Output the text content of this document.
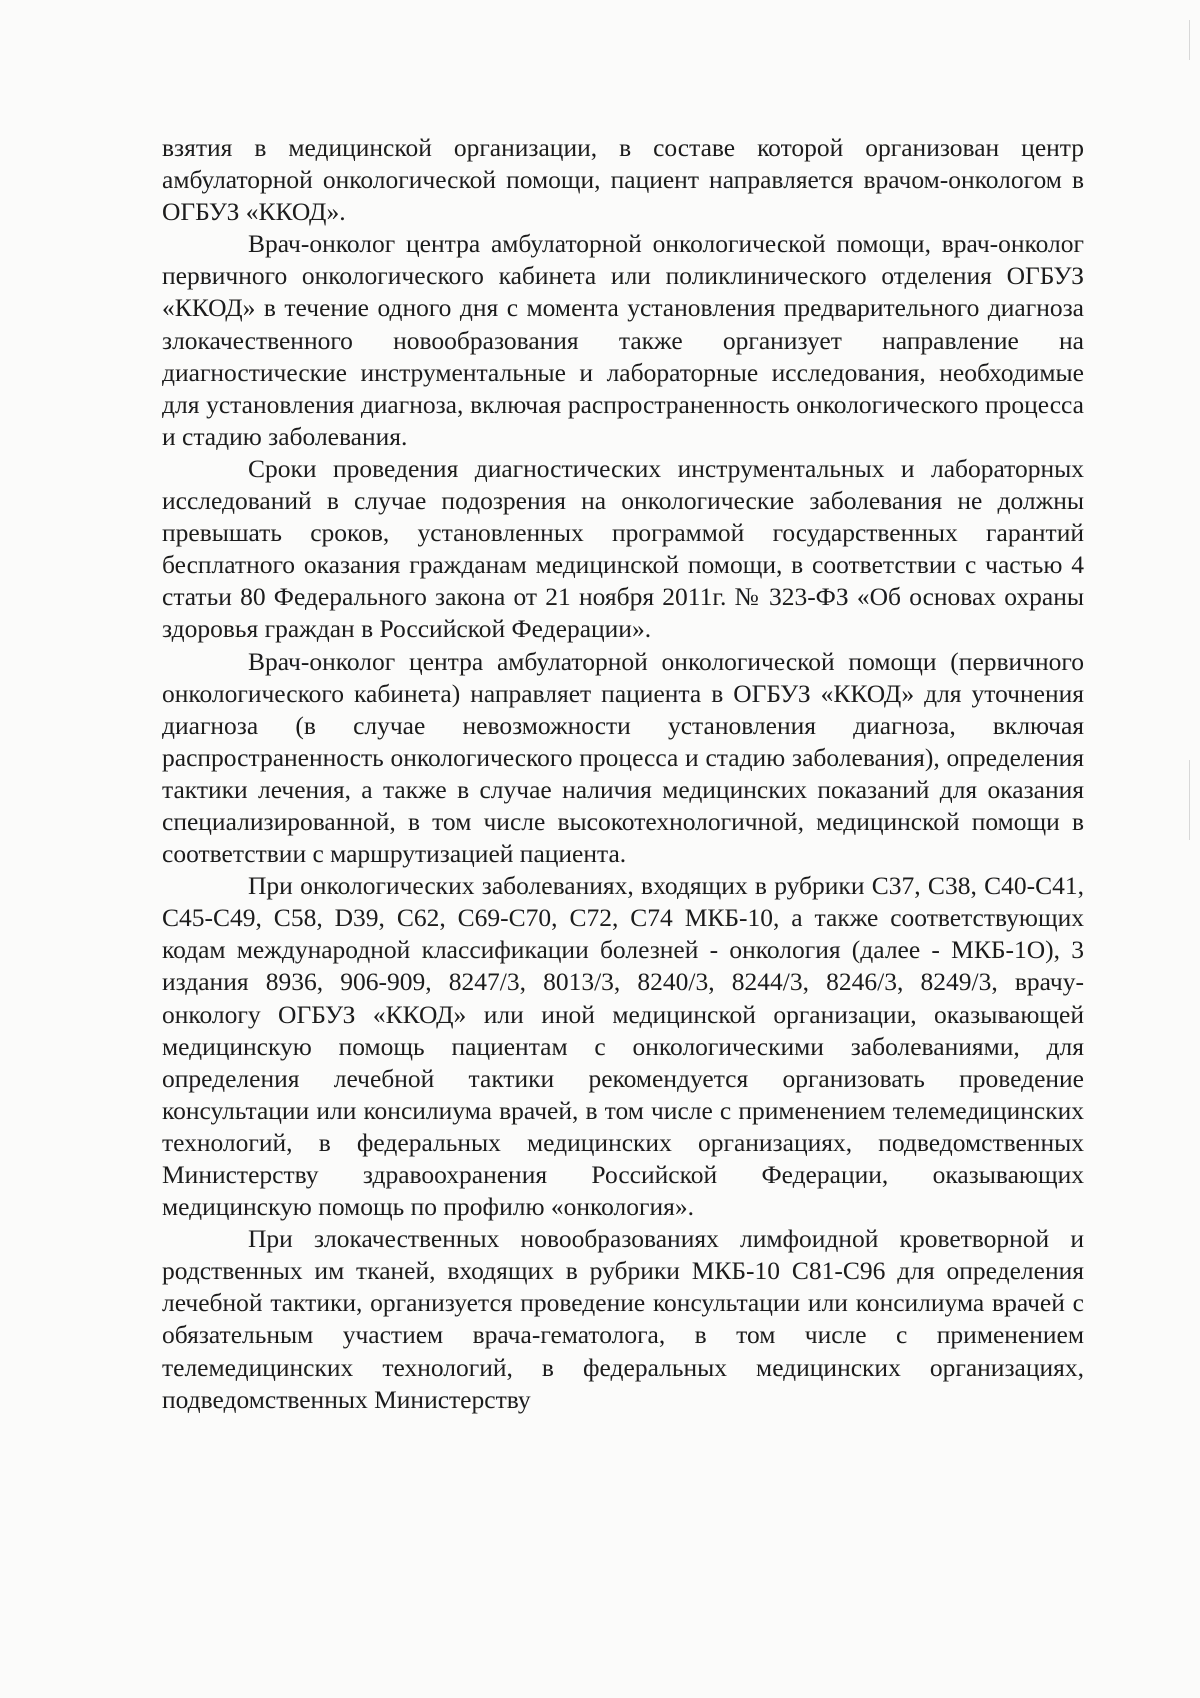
взятия в медицинской организации, в составе которой организован центр амбулаторной онкологической помощи, пациент направляется врачом-онкологом в ОГБУЗ «ККОД».

Врач-онколог центра амбулаторной онкологической помощи, врач-онколог первичного онкологического кабинета или поликлинического отделения ОГБУЗ «ККОД» в течение одного дня с момента установления предварительного диагноза злокачественного новообразования также организует направление на диагностические инструментальные и лабораторные исследования, необходимые для установления диагноза, включая распространенность онкологического процесса и стадию заболевания.

Сроки проведения диагностических инструментальных и лабораторных исследований в случае подозрения на онкологические заболевания не должны превышать сроков, установленных программой государственных гарантий бесплатного оказания гражданам медицинской помощи, в соответствии с частью 4 статьи 80 Федерального закона от 21 ноября 2011г. № 323-ФЗ «Об основах охраны здоровья граждан в Российской Федерации».

Врач-онколог центра амбулаторной онкологической помощи (первичного онкологического кабинета) направляет пациента в ОГБУЗ «ККОД» для уточнения диагноза (в случае невозможности установления диагноза, включая распространенность онкологического процесса и стадию заболевания), определения тактики лечения, а также в случае наличия медицинских показаний для оказания специализированной, в том числе высокотехнологичной, медицинской помощи в соответствии с маршрутизацией пациента.

При онкологических заболеваниях, входящих в рубрики С37, С38, С40-С41, С45-С49, С58, D39, С62, С69-С70, С72, С74 МКБ-10, а также соответствующих кодам международной классификации болезней - онкология (далее - МКБ-1О), 3 издания 8936, 906-909, 8247/3, 8013/3, 8240/3, 8244/3, 8246/3, 8249/3, врачу-онкологу ОГБУЗ «ККОД» или иной медицинской организации, оказывающей медицинскую помощь пациентам с онкологическими заболеваниями, для определения лечебной тактики рекомендуется организовать проведение консультации или консилиума врачей, в том числе с применением телемедицинских технологий, в федеральных медицинских организациях, подведомственных Министерству здравоохранения Российской Федерации, оказывающих медицинскую помощь по профилю «онкология».

При злокачественных новообразованиях лимфоидной кроветворной и родственных им тканей, входящих в рубрики МКБ-10 С81-С96 для определения лечебной тактики, организуется проведение консультации или консилиума врачей с обязательным участием врача-гематолога, в том числе с применением телемедицинских технологий, в федеральных медицинских организациях, подведомственных Министерству
